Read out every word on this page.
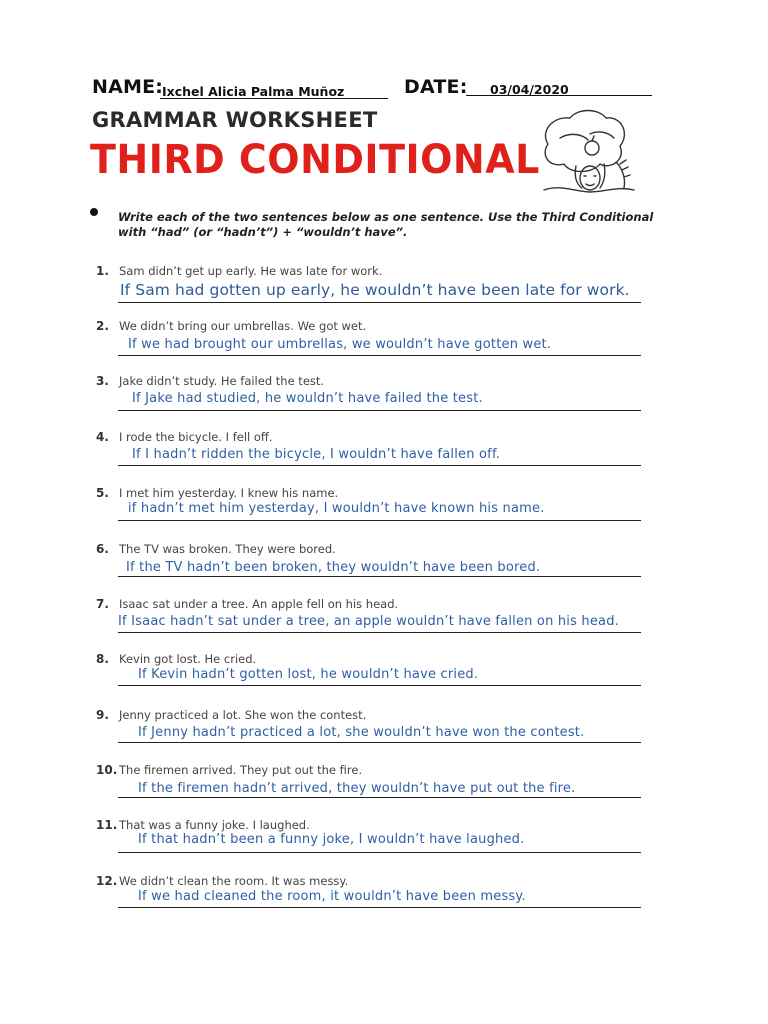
NAME:
Ixchel Alicia Palma Muñoz	DATE: 03/04/2020
GRAMMAR WORKSHEET
THIRD CONDITIONAL
Write each of the two sentences below as one sentence. Use the Third Conditional with “had” (or “hadn’t”) + “wouldn’t have”.
1. Sam didn’t get up early. He was late for work.
If Sam had gotten up early, he wouldn’t have been late for work.
2. We didn’t bring our umbrellas. We got wet.
If we had brought our umbrellas, we wouldn’t have gotten wet.
3. Jake didn’t study. He failed the test.
If Jake had studied, he wouldn’t have failed the test.
4. I rode the bicycle. I fell off.
If I hadn’t ridden the bicycle, I wouldn’t have fallen off.
5. I met him yesterday. I knew his name.
if hadn’t met him yesterday, I wouldn’t have known his name.
6. The TV was broken. They were bored.
If the TV hadn’t been broken, they wouldn’t have been bored.
7. Isaac sat under a tree. An apple fell on his head.
If Isaac hadn’t sat under a tree, an apple wouldn’t have fallen on his head.
8. Kevin got lost. He cried.
If Kevin hadn’t gotten lost, he wouldn’t have cried.
9. Jenny practiced a lot. She won the contest.
If Jenny hadn’t practiced a lot, she wouldn’t have won the contest.
10. The firemen arrived. They put out the fire.
If the firemen hadn’t arrived, they wouldn’t have put out the fire.
11. That was a funny joke. I laughed.
If that hadn’t been a funny joke, I wouldn’t have laughed.
12. We didn’t clean the room. It was messy.
If we had cleaned the room, it wouldn’t have been messy.
